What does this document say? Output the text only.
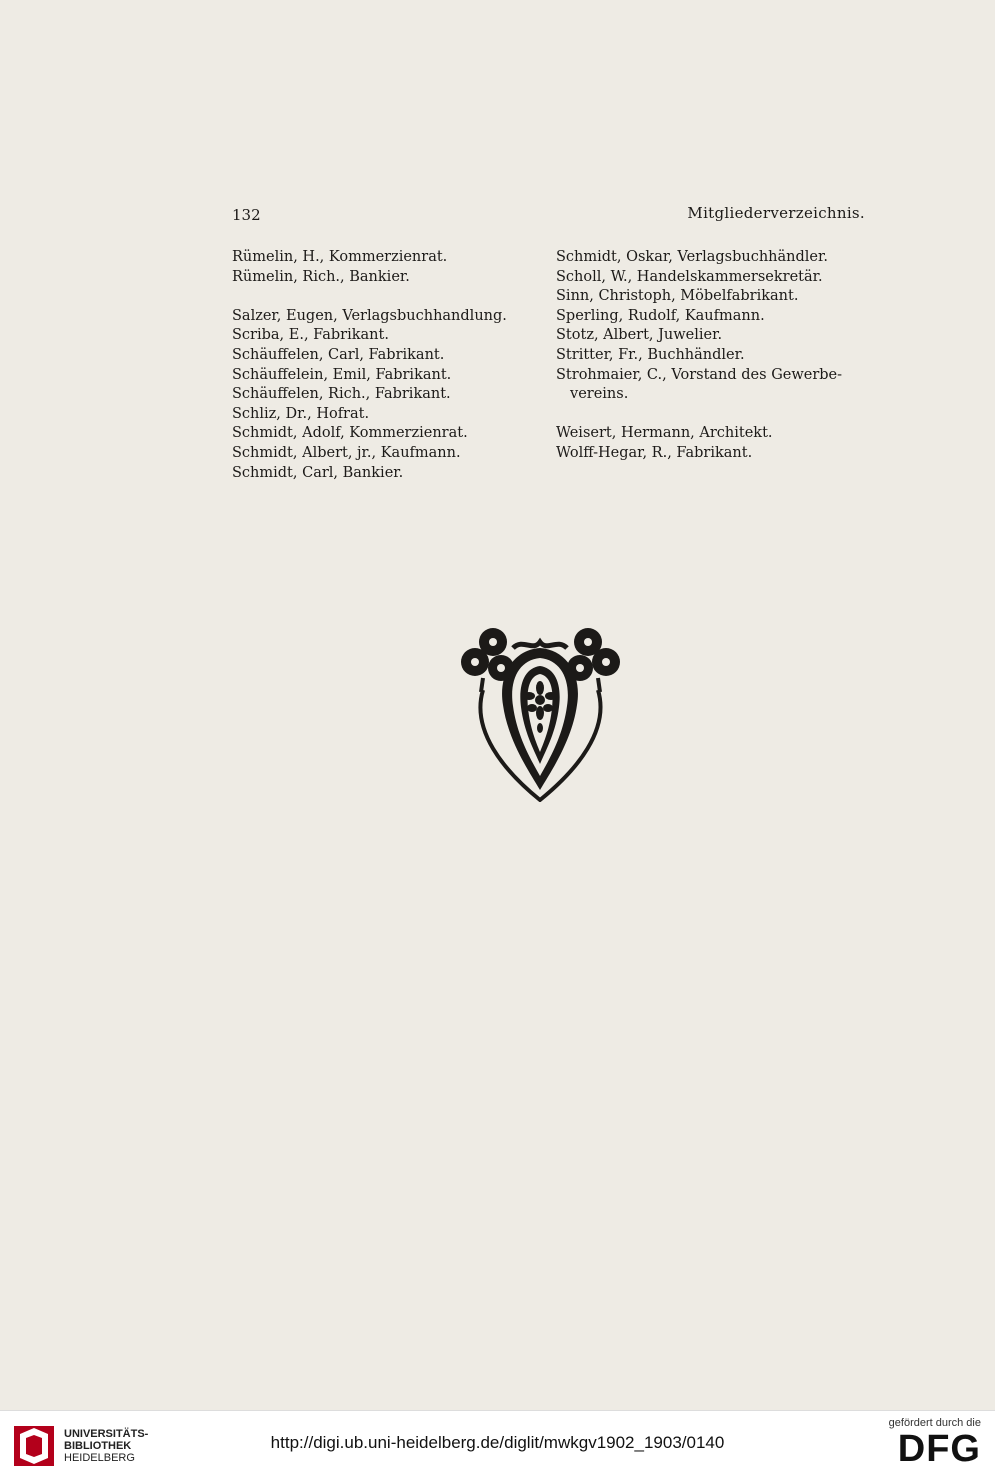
132	Mitgliederverzeichnis.
Rümelin, H., Kommerzienrat.
Rümelin, Rich., Bankier.
Salzer, Eugen, Verlagsbuchhandlung.
Scriba, E., Fabrikant.
Schäuffelen, Carl, Fabrikant.
Schäuffelein, Emil, Fabrikant.
Schäuffelen, Rich., Fabrikant.
Schliz, Dr., Hofrat.
Schmidt, Adolf, Kommerzienrat.
Schmidt, Albert, jr., Kaufmann.
Schmidt, Carl, Bankier.
Schmidt, Oskar, Verlagsbuchhändler.
Scholl, W., Handelskammersekretär.
Sinn, Christoph, Möbelfabrikant.
Sperling, Rudolf, Kaufmann.
Stotz, Albert, Juwelier.
Stritter, Fr., Buchhändler.
Strohmaier, C., Vorstand des Gewerbe-
vereins.
Weisert, Hermann, Architekt.
Wolff-Hegar, R., Fabrikant.
UNIVERSITÄTS-
BIBLIOTHEK
HEIDELBERG
http://digi.ub.uni-heidelberg.de/diglit/mwkgv1902_1903/0140
gefördert durch die
DFG
